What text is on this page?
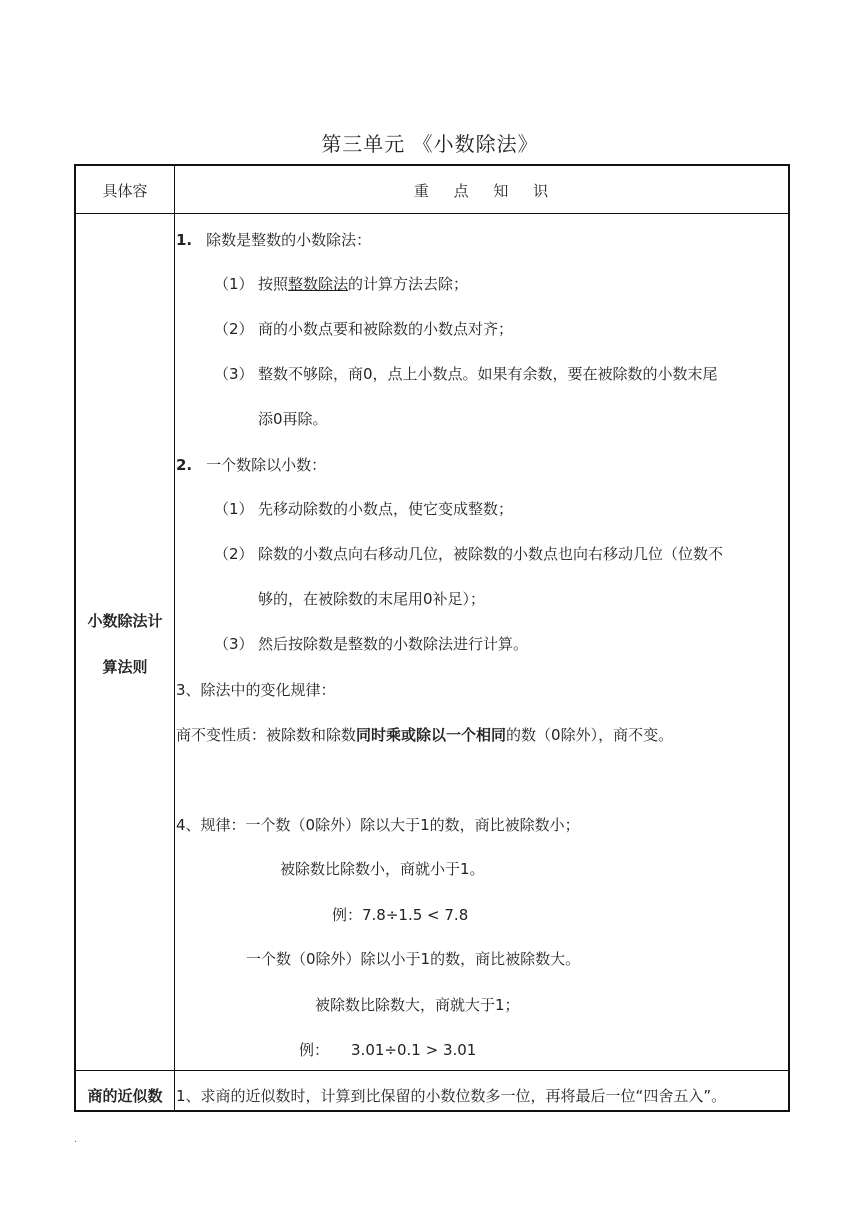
第三单元 《小数除法》
具体容	重 点 知 识
小数除法计
算法则
1. 除数是整数的小数除法：
（1） 按照整数除法的计算方法去除；
（2） 商的小数点要和被除数的小数点对齐；
（3） 整数不够除，商0，点上小数点。如果有余数，要在被除数的小数末尾
添0再除。
2. 一个数除以小数：
（1） 先移动除数的小数点，使它变成整数；
（2） 除数的小数点向右移动几位，被除数的小数点也向右移动几位（位数不
够的，在被除数的末尾用0补足）；
（3） 然后按除数是整数的小数除法进行计算。
3、除法中的变化规律：
商不变性质：被除数和除数同时乘或除以一个相同的数（0除外），商不变。
4、规律：一个数（0除外）除以大于1的数，商比被除数小；
被除数比除数小，商就小于1。
例：7.8÷1.5 < 7.8
一个数（0除外）除以小于1的数，商比被除数大。
被除数比除数大，商就大于1；
例： 3.01÷0.1 > 3.01
商的近似数 1、求商的近似数时，计算到比保留的小数位数多一位，再将最后一位“四舍五入”。
.
